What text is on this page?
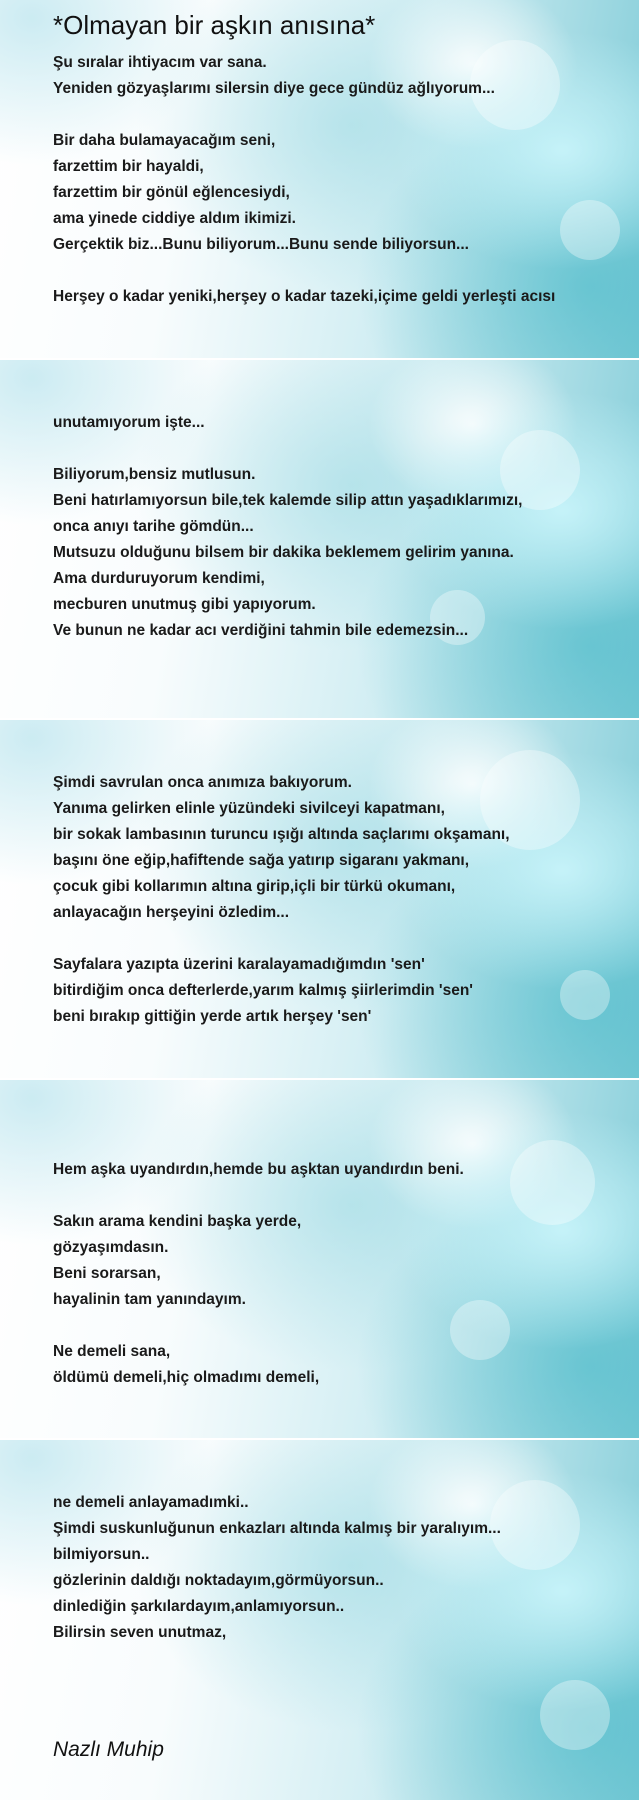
*Olmayan bir aşkın anısına*
Şu sıralar ihtiyacım var sana.
Yeniden gözyaşlarımı silersin diye gece gündüz ağlıyorum...
Bir daha bulamayacağım seni,
farzettim bir hayaldi,
farzettim bir gönül eğlencesiydi,
ama yinede ciddiye aldım ikimizi.
Gerçektik biz...Bunu biliyorum...Bunu sende biliyorsun...
Herşey o kadar yeniki,herşey o kadar tazeki,içime geldi yerleşti acısı
unutamıyorum işte...
Biliyorum,bensiz mutlusun.
Beni hatırlamıyorsun bile,tek kalemde silip attın yaşadıklarımızı,
onca anıyı tarihe gömdün...
Mutsuzu olduğunu bilsem bir dakika beklemem gelirim yanına.
Ama durduruyorum kendimi,
mecburen unutmuş gibi yapıyorum.
Ve bunun ne kadar acı verdiğini tahmin bile edemezsin...
Şimdi savrulan onca anımıza bakıyorum.
Yanıma gelirken elinle yüzündeki sivilceyi kapatmanı,
bir sokak lambasının turuncu ışığı altında saçlarımı okşamanı,
başını öne eğip,hafiftende sağa yatırıp sigaranı yakmanı,
çocuk gibi kollarımın altına girip,içli bir türkü okumanı,
anlayacağın herşeyini özledim...
Sayfalara yazıpta üzerini karalayamadığımdın 'sen'
bitirdiğim onca defterlerde,yarım kalmış şiirlerimdin 'sen'
beni bırakıp gittiğin yerde artık herşey 'sen'
Hem aşka uyandırdın,hemde bu aşktan uyandırdın beni.
Sakın arama kendini başka yerde,
gözyaşımdasın.
Beni sorarsan,
hayalinin tam yanındayım.
Ne demeli sana,
öldümü demeli,hiç olmadımı demeli,
ne demeli anlayamadımki..
Şimdi suskunluğunun enkazları altında kalmış bir yaralıyım...
bilmiyorsun..
gözlerinin daldığı noktadayım,görmüyorsun..
dinlediğin şarkılardayım,anlamıyorsun..
Bilirsin seven unutmaz,
Nazlı Muhip
